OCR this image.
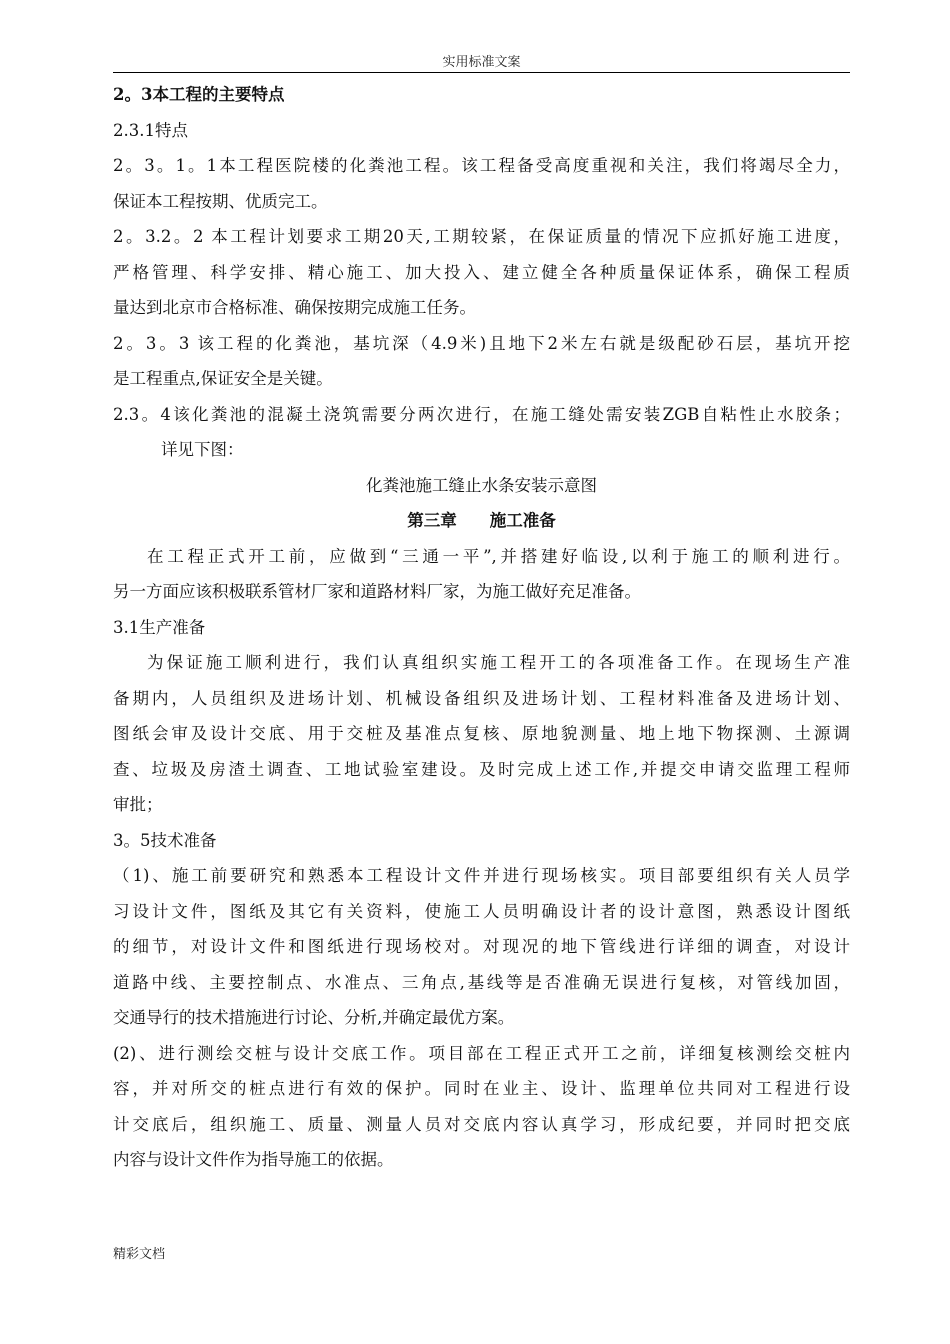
实用标准文案
2。3本工程的主要特点
2.3.1特点
2。3。1。1本工程医院楼的化粪池工程。该工程备受高度重视和关注，我们将竭尽全力，
保证本工程按期、优质完工。
2。3.2。2 本工程计划要求工期20天,工期较紧，在保证质量的情况下应抓好施工进度，
严格管理、科学安排、精心施工、加大投入、建立健全各种质量保证体系，确保工程质
量达到北京市合格标准、确保按期完成施工任务。
2。3。3 该工程的化粪池，基坑深（4.9米)且地下2米左右就是级配砂石层，基坑开挖
是工程重点,保证安全是关键。
2.3。4该化粪池的混凝土浇筑需要分两次进行，在施工缝处需安装ZGB自粘性止水胶条；
详见下图：
化粪池施工缝止水条安装示意图
第三章　　施工准备
在工程正式开工前，应做到“三通一平”,并搭建好临设,以利于施工的顺利进行。
另一方面应该积极联系管材厂家和道路材料厂家，为施工做好充足准备。
3.1生产准备
为保证施工顺利进行，我们认真组织实施工程开工的各项准备工作。在现场生产准
备期内，人员组织及进场计划、机械设备组织及进场计划、工程材料准备及进场计划、
图纸会审及设计交底、用于交桩及基准点复核、原地貌测量、地上地下物探测、土源调
查、垃圾及房渣土调查、工地试验室建设。及时完成上述工作,并提交申请交监理工程师
审批；
3。5技术准备
（1)、施工前要研究和熟悉本工程设计文件并进行现场核实。项目部要组织有关人员学
习设计文件，图纸及其它有关资料，使施工人员明确设计者的设计意图，熟悉设计图纸
的细节，对设计文件和图纸进行现场校对。对现况的地下管线进行详细的调查，对设计
道路中线、主要控制点、水准点、三角点,基线等是否准确无误进行复核，对管线加固，
交通导行的技术措施进行讨论、分析,并确定最优方案。
(2)、进行测绘交桩与设计交底工作。项目部在工程正式开工之前，详细复核测绘交桩内
容，并对所交的桩点进行有效的保护。同时在业主、设计、监理单位共同对工程进行设
计交底后，组织施工、质量、测量人员对交底内容认真学习，形成纪要，并同时把交底
内容与设计文件作为指导施工的依据。
精彩文档
